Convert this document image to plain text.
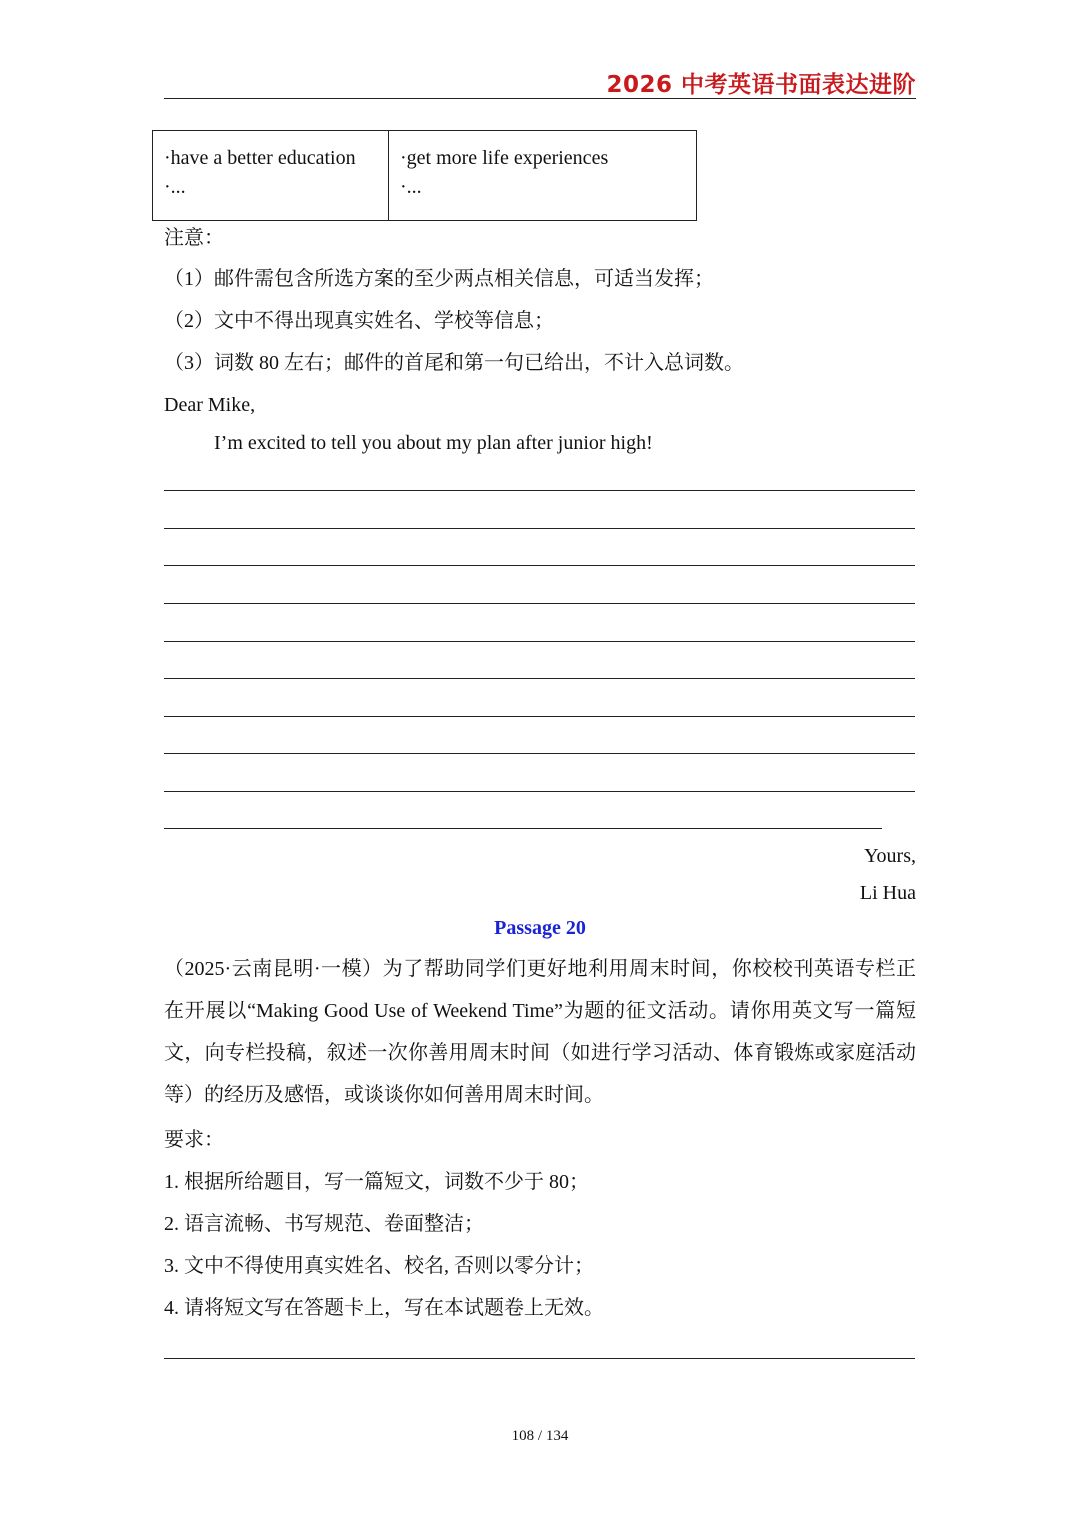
2026 中考英语书面表达进阶
·have a better education
·...

·get more life experiences
·...
注意：
（1）邮件需包含所选方案的至少两点相关信息，可适当发挥；
（2）文中不得出现真实姓名、学校等信息；
（3）词数 80 左右；邮件的首尾和第一句已给出，不计入总词数。
Dear Mike,
I’m excited to tell you about my plan after junior high!
Yours,
Li Hua
Passage 20
（2025·云南昆明·一模）为了帮助同学们更好地利用周末时间，你校校刊英语专栏正在开展以“Making Good Use of Weekend Time”为题的征文活动。请你用英文写一篇短文，向专栏投稿，叙述一次你善用周末时间（如进行学习活动、体育锻炼或家庭活动等）的经历及感悟，或谈谈你如何善用周末时间。
要求：
1. 根据所给题目，写一篇短文，词数不少于 80；
2. 语言流畅、书写规范、卷面整洁；
3. 文中不得使用真实姓名、校名, 否则以零分计；
4. 请将短文写在答题卡上，写在本试题卷上无效。
108 / 134
